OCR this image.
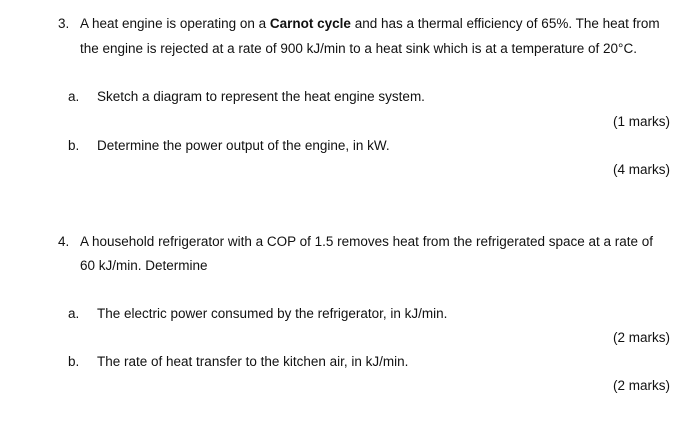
3. A heat engine is operating on a Carnot cycle and has a thermal efficiency of 65%. The heat from
the engine is rejected at a rate of 900 kJ/min to a heat sink which is at a temperature of 20°C.
a. Sketch a diagram to represent the heat engine system.
(1 marks)
b. Determine the power output of the engine, in kW.
(4 marks)
4. A household refrigerator with a COP of 1.5 removes heat from the refrigerated space at a rate of
60 kJ/min. Determine
a. The electric power consumed by the refrigerator, in kJ/min.
(2 marks)
b. The rate of heat transfer to the kitchen air, in kJ/min.
(2 marks)
